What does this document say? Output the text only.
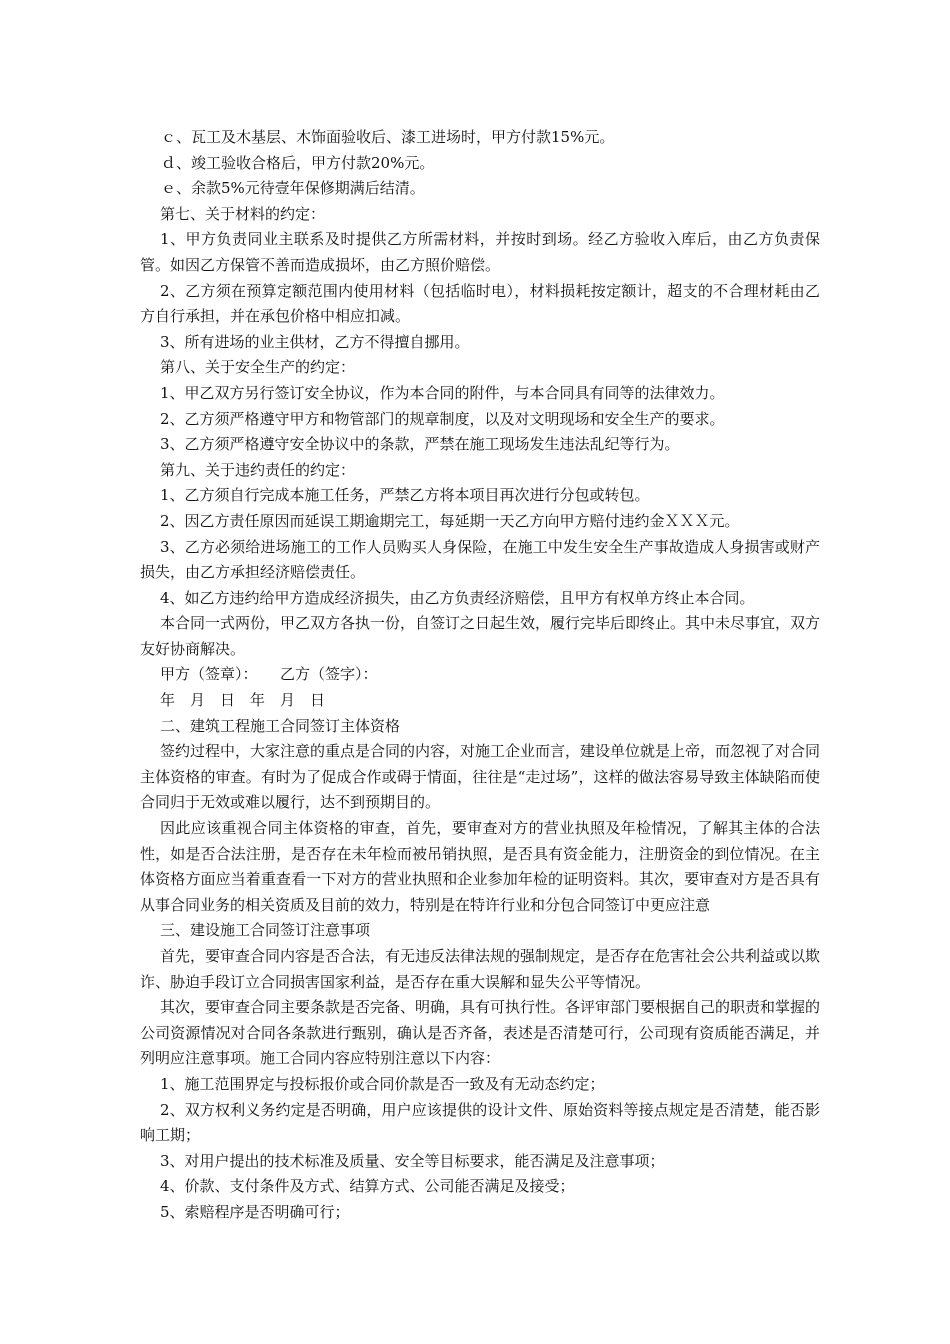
ｃ、瓦工及木基层、木饰面验收后、漆工进场时，甲方付款15%元。

ｄ、竣工验收合格后，甲方付款20%元。

ｅ、余款5%元待壹年保修期满后结清。

第七、关于材料的约定：

1、甲方负责同业主联系及时提供乙方所需材料，并按时到场。经乙方验收入库后，由乙方负责保管。如因乙方保管不善而造成损坏，由乙方照价赔偿。

2、乙方须在预算定额范围内使用材料（包括临时电），材料损耗按定额计，超支的不合理材耗由乙方自行承担，并在承包价格中相应扣减。

3、所有进场的业主供材，乙方不得擅自挪用。

第八、关于安全生产的约定：

1、甲乙双方另行签订安全协议，作为本合同的附件，与本合同具有同等的法律效力。

2、乙方须严格遵守甲方和物管部门的规章制度，以及对文明现场和安全生产的要求。

3、乙方须严格遵守安全协议中的条款，严禁在施工现场发生违法乱纪等行为。

第九、关于违约责任的约定：

1、乙方须自行完成本施工任务，严禁乙方将本项目再次进行分包或转包。

2、因乙方责任原因而延误工期逾期完工，每延期一天乙方向甲方赔付违约金ＸＸＸ元。

3、乙方必须给进场施工的工作人员购买人身保险，在施工中发生安全生产事故造成人身损害或财产损失，由乙方承担经济赔偿责任。

4、如乙方违约给甲方造成经济损失，由乙方负责经济赔偿，且甲方有权单方终止本合同。

本合同一式两份，甲乙双方各执一份，自签订之日起生效，履行完毕后即终止。其中未尽事宜，双方友好协商解决。

甲方（签章）：　　乙方（签字）：

年　月　日　年　月　日

二、建筑工程施工合同签订主体资格

签约过程中，大家注意的重点是合同的内容，对施工企业而言，建设单位就是上帝，而忽视了对合同主体资格的审查。有时为了促成合作或碍于情面，往往是“走过场”，这样的做法容易导致主体缺陷而使合同归于无效或难以履行，达不到预期目的。

因此应该重视合同主体资格的审查，首先，要审查对方的营业执照及年检情况，了解其主体的合法性，如是否合法注册，是否存在未年检而被吊销执照，是否具有资金能力，注册资金的到位情况。在主体资格方面应当着重查看一下对方的营业执照和企业参加年检的证明资料。其次，要审查对方是否具有从事合同业务的相关资质及目前的效力，特别是在特许行业和分包合同签订中更应注意

三、建设施工合同签订注意事项

首先，要审查合同内容是否合法，有无违反法律法规的强制规定，是否存在危害社会公共利益或以欺诈、胁迫手段订立合同损害国家利益，是否存在重大误解和显失公平等情况。

其次，要审查合同主要条款是否完备、明确，具有可执行性。各评审部门要根据自己的职责和掌握的公司资源情况对合同各条款进行甄别，确认是否齐备，表述是否清楚可行，公司现有资质能否满足，并列明应注意事项。施工合同内容应特别注意以下内容：

1、施工范围界定与投标报价或合同价款是否一致及有无动态约定；

2、双方权利义务约定是否明确，用户应该提供的设计文件、原始资料等接点规定是否清楚，能否影响工期；

3、对用户提出的技术标准及质量、安全等目标要求，能否满足及注意事项；

4、价款、支付条件及方式、结算方式、公司能否满足及接受；

5、索赔程序是否明确可行；
